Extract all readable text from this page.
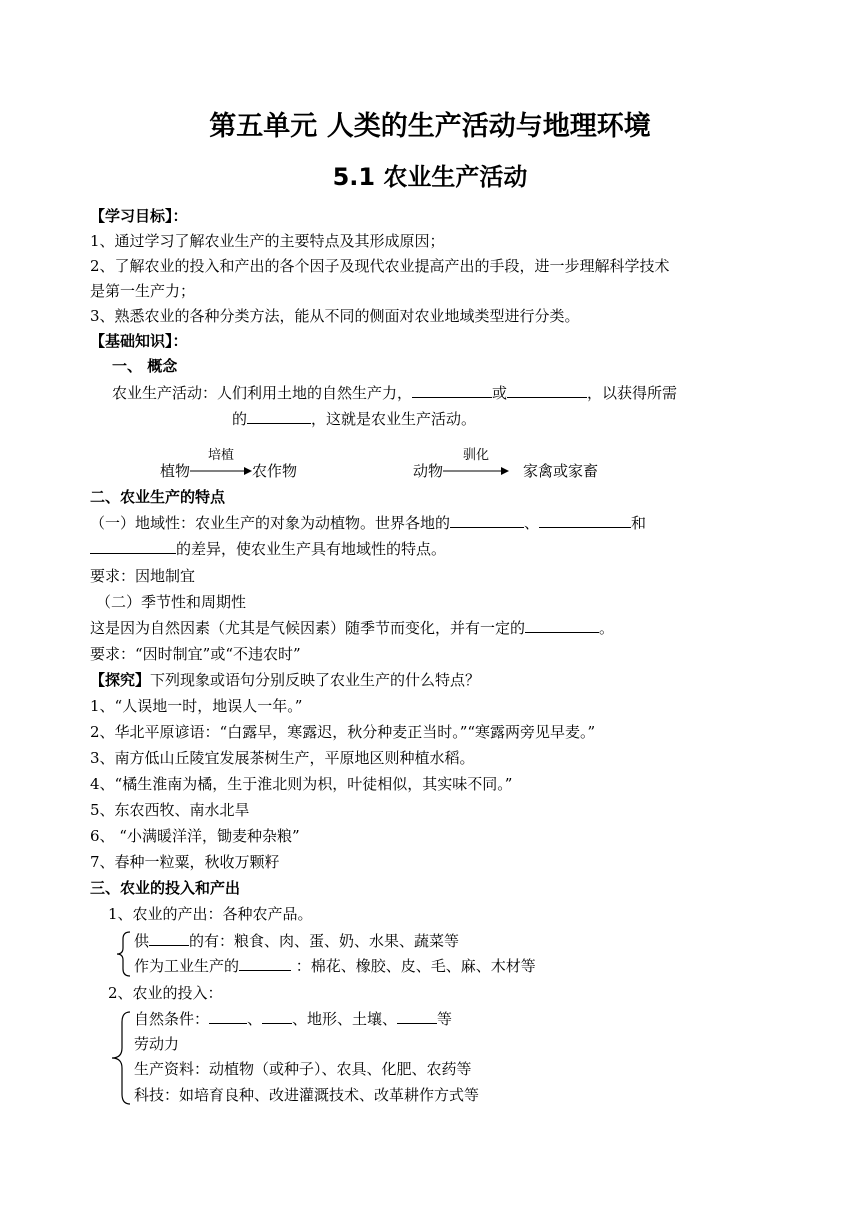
第五单元 人类的生产活动与地理环境
5.1 农业生产活动
【学习目标】：
1、通过学习了解农业生产的主要特点及其形成原因；
2、了解农业的投入和产出的各个因子及现代农业提高产出的手段，进一步理解科学技术
是第一生产力；
3、熟悉农业的各种分类方法，能从不同的侧面对农业地域类型进行分类。
【基础知识】：
一、 概念
农业生产活动：人们利用土地的自然生产力，	或	，以获得所需
的	，这就是农业生产活动。
植物
培植
农作物	动物
驯化
家禽或家畜
二、农业生产的特点
（一）地域性：农业生产的对象为动植物。世界各地的	、	和
的差异，使农业生产具有地域性的特点。
要求：因地制宜
（二）季节性和周期性
这是因为自然因素（尤其是气候因素）随季节而变化，并有一定的	。
要求：“因时制宜”或“不违农时”
【探究】下列现象或语句分别反映了农业生产的什么特点？
1、“人误地一时，地误人一年。”
2、华北平原谚语：“白露早，寒露迟，秋分种麦正当时。”“寒露两旁见早麦。”
3、南方低山丘陵宜发展茶树生产，平原地区则种植水稻。
4、“橘生淮南为橘，生于淮北则为枳，叶徒相似，其实味不同。”
5、东农西牧、南水北旱
6、 “小满暖洋洋，锄麦种杂粮”
7、春种一粒粟，秋收万颗籽
三、农业的投入和产出
1、农业的产出：各种农产品。
供	的有：粮食、肉、蛋、奶、水果、蔬菜等
作为工业生产的	：棉花、橡胶、皮、毛、麻、木材等
2、农业的投入：
自然条件：	、 、地形、土壤、	等
劳动力
生产资料：动植物（或种子）、农具、化肥、农药等
科技：如培育良种、改进灌溉技术、改革耕作方式等
